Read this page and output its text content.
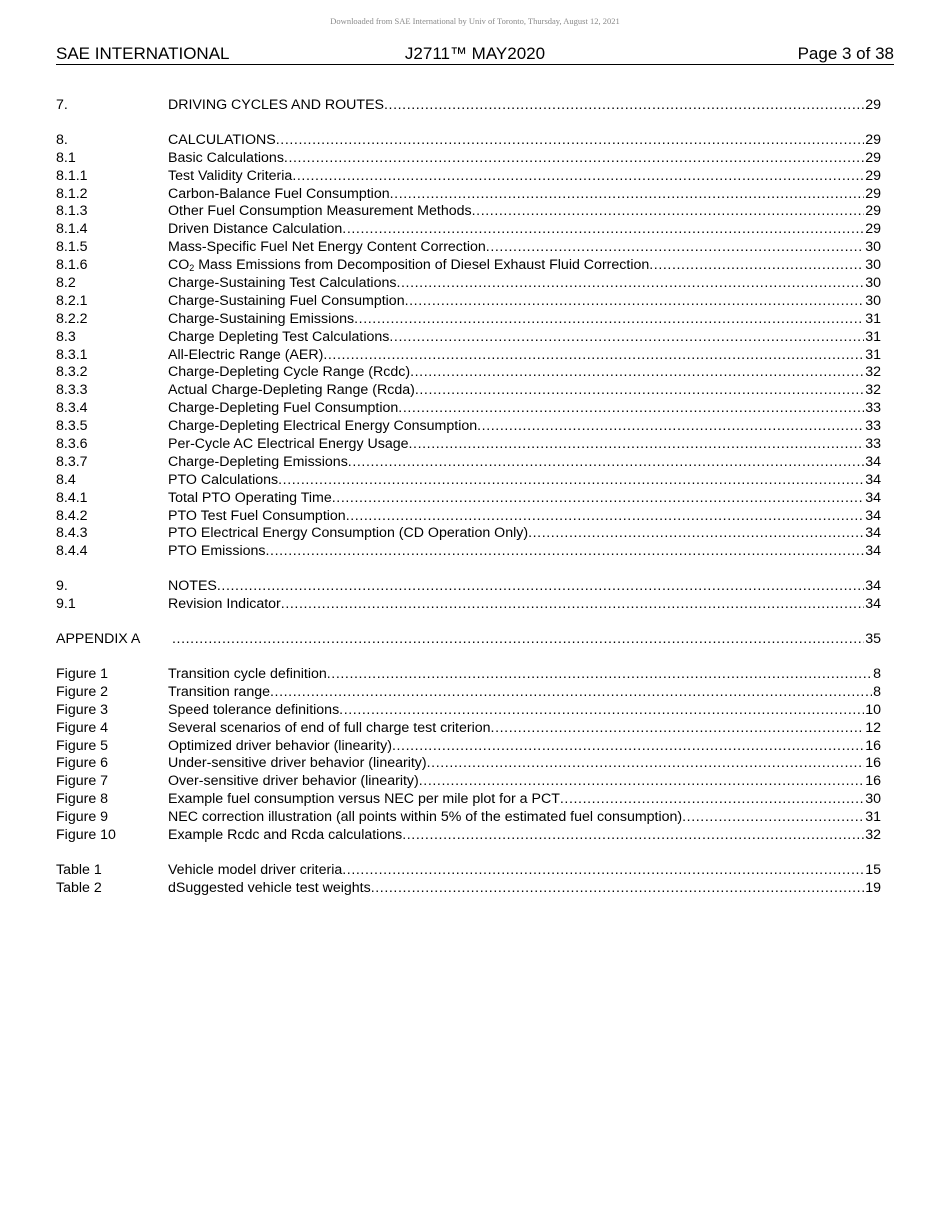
Downloaded from SAE International by Univ of Toronto, Thursday, August 12, 2021
SAE INTERNATIONAL	J2711™ MAY2020	Page 3 of 38
7.	DRIVING CYCLES AND ROUTES .....	29
8.	CALCULATIONS .....	29
8.1	Basic Calculations .....	29
8.1.1	Test Validity Criteria .....	29
8.1.2	Carbon-Balance Fuel Consumption .....	29
8.1.3	Other Fuel Consumption Measurement Methods .....	29
8.1.4	Driven Distance Calculation .....	29
8.1.5	Mass-Specific Fuel Net Energy Content Correction .....	30
8.1.6	$CO_2$ Mass Emissions from Decomposition of Diesel Exhaust Fluid Correction .....	30
8.2	Charge-Sustaining Test Calculations .....	30
8.2.1	Charge-Sustaining Fuel Consumption .....	30
8.2.2	Charge-Sustaining Emissions .....	31
8.3	Charge Depleting Test Calculations .....	31
8.3.1	All-Electric Range (AER) .....	31
8.3.2	Charge-Depleting Cycle Range (Rcdc) .....	32
8.3.3	Actual Charge-Depleting Range (Rcda) .....	32
8.3.4	Charge-Depleting Fuel Consumption .....	33
8.3.5	Charge-Depleting Electrical Energy Consumption .....	33
8.3.6	Per-Cycle AC Electrical Energy Usage .....	33
8.3.7	Charge-Depleting Emissions .....	34
8.4	PTO Calculations .....	34
8.4.1	Total PTO Operating Time .....	34
8.4.2	PTO Test Fuel Consumption .....	34
8.4.3	PTO Electrical Energy Consumption (CD Operation Only) .....	34
8.4.4	PTO Emissions .....	34
9.	NOTES .....	34
9.1	Revision Indicator .....	34
APPENDIX A .....	35
Figure 1	Transition cycle definition .....	8
Figure 2	Transition range .....	8
Figure 3	Speed tolerance definitions .....	10
Figure 4	Several scenarios of end of full charge test criterion .....	12
Figure 5	Optimized driver behavior (linearity) .....	16
Figure 6	Under-sensitive driver behavior (linearity) .....	16
Figure 7	Over-sensitive driver behavior (linearity) .....	16
Figure 8	Example fuel consumption versus NEC per mile plot for a PCT .....	30
Figure 9	NEC correction illustration (all points within 5% of the estimated fuel consumption) .....	31
Figure 10	Example Rcdc and Rcda calculations .....	32
Table 1	Vehicle model driver criteria .....	15
Table 2	dSuggested vehicle test weights .....	19
